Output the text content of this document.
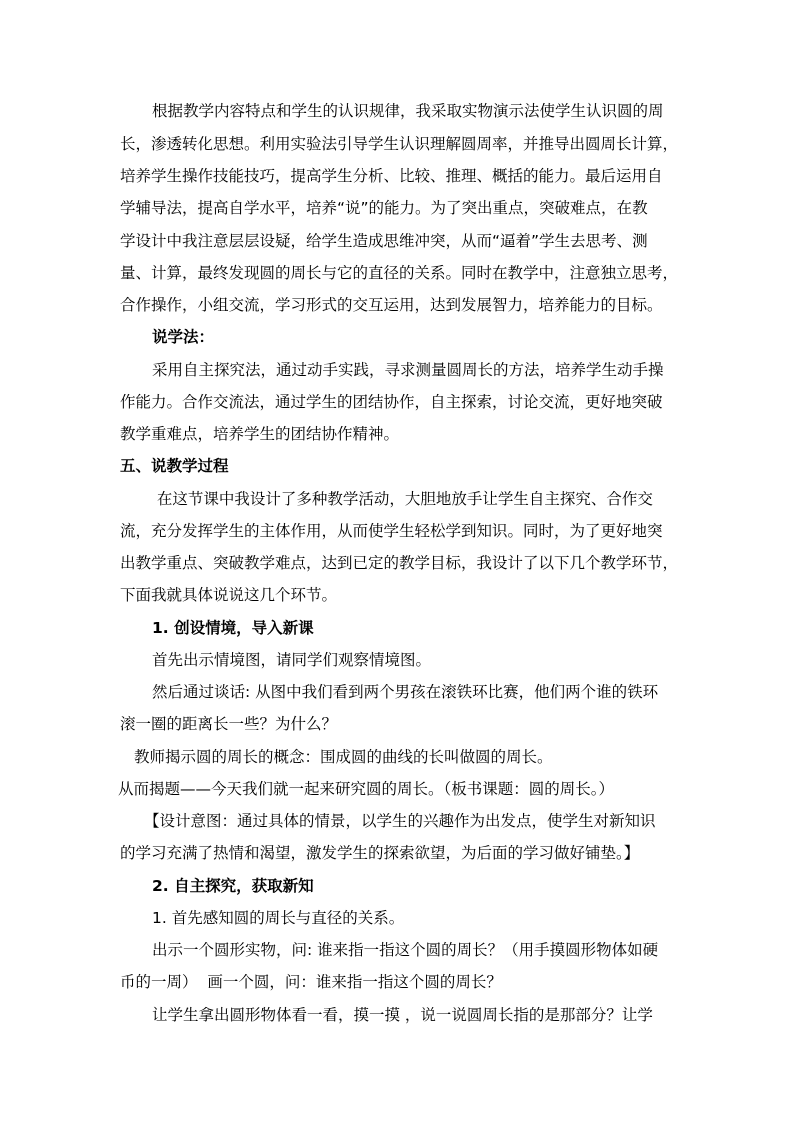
根据教学内容特点和学生的认识规律，我采取实物演示法使学生认识圆的周
长，渗透转化思想。利用实验法引导学生认识理解圆周率，并推导出圆周长计算，
培养学生操作技能技巧，提高学生分析、比较、推理、概括的能力。最后运用自
学辅导法，提高自学水平，培养“说”的能力。为了突出重点，突破难点，在教
学设计中我注意层层设疑，给学生造成思维冲突，从而“逼着”学生去思考、测
量、计算，最终发现圆的周长与它的直径的关系。同时在教学中，注意独立思考，
合作操作，小组交流，学习形式的交互运用，达到发展智力，培养能力的目标。
说学法：
采用自主探究法，通过动手实践，寻求测量圆周长的方法，培养学生动手操
作能力。合作交流法，通过学生的团结协作，自主探索，讨论交流，更好地突破
教学重难点，培养学生的团结协作精神。
五、说教学过程
在这节课中我设计了多种教学活动，大胆地放手让学生自主探究、合作交
流，充分发挥学生的主体作用，从而使学生轻松学到知识。同时，为了更好地突
出教学重点、突破教学难点，达到已定的教学目标，我设计了以下几个教学环节，
下面我就具体说说这几个环节。
1. 创设情境，导入新课
首先出示情境图，请同学们观察情境图。
然后通过谈话: 从图中我们看到两个男孩在滚铁环比赛，他们两个谁的铁环
滚一圈的距离长一些？为什么？
教师揭示圆的周长的概念：围成圆的曲线的长叫做圆的周长。
从而揭题——今天我们就一起来研究圆的周长。（板书课题：圆的周长。）
【设计意图：通过具体的情景，以学生的兴趣作为出发点，使学生对新知识
的学习充满了热情和渴望，激发学生的探索欲望，为后面的学习做好铺垫。】
2. 自主探究，获取新知
1. 首先感知圆的周长与直径的关系。
出示一个圆形实物，问: 谁来指一指这个圆的周长？（用手摸圆形物体如硬
币的一周）  画一个圆，问：谁来指一指这个圆的周长？
让学生拿出圆形物体看一看，摸一摸 ，说一说圆周长指的是那部分？让学
